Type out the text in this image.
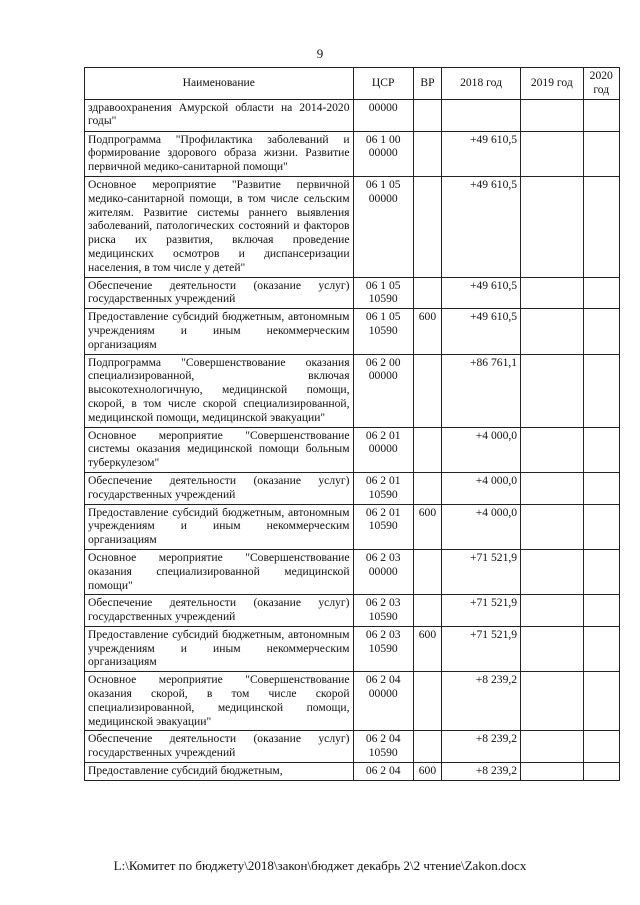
9
Наименование	ЦСР	ВР	2018 год	2019 год	2020 год
здравоохранения Амурской области на 2014-2020 годы"	00000				
Подпрограмма "Профилактика заболеваний и формирование здорового образа жизни. Развитие первичной медико-санитарной помощи"	06 1 00 00000		+49 610,5		
Основное мероприятие "Развитие первичной медико-санитарной помощи, в том числе сельским жителям. Развитие системы раннего выявления заболеваний, патологических состояний и факторов риска их развития, включая проведение медицинских осмотров и диспансеризации населения, в том числе у детей"	06 1 05 00000		+49 610,5		
Обеспечение деятельности (оказание услуг) государственных учреждений	06 1 05 10590		+49 610,5		
Предоставление субсидий бюджетным, автономным учреждениям и иным некоммерческим организациям	06 1 05 10590	600	+49 610,5		
Подпрограмма "Совершенствование оказания специализированной, включая высокотехнологичную, медицинской помощи, скорой, в том числе скорой специализированной, медицинской помощи, медицинской эвакуации"	06 2 00 00000		+86 761,1		
Основное мероприятие "Совершенствование системы оказания медицинской помощи больным туберкулезом"	06 2 01 00000		+4 000,0		
Обеспечение деятельности (оказание услуг) государственных учреждений	06 2 01 10590		+4 000,0		
Предоставление субсидий бюджетным, автономным учреждениям и иным некоммерческим организациям	06 2 01 10590	600	+4 000,0		
Основное мероприятие "Совершенствование оказания специализированной медицинской помощи"	06 2 03 00000		+71 521,9		
Обеспечение деятельности (оказание услуг) государственных учреждений	06 2 03 10590		+71 521,9		
Предоставление субсидий бюджетным, автономным учреждениям и иным некоммерческим организациям	06 2 03 10590	600	+71 521,9		
Основное мероприятие "Совершенствование оказания скорой, в том числе скорой специализированной, медицинской помощи, медицинской эвакуации"	06 2 04 00000		+8 239,2		
Обеспечение деятельности (оказание услуг) государственных учреждений	06 2 04 10590		+8 239,2		
Предоставление субсидий бюджетным,	06 2 04	600	+8 239,2		
L:\Комитет по бюджету\2018\закон\бюджет декабрь 2\2 чтение\Zakon.docx
